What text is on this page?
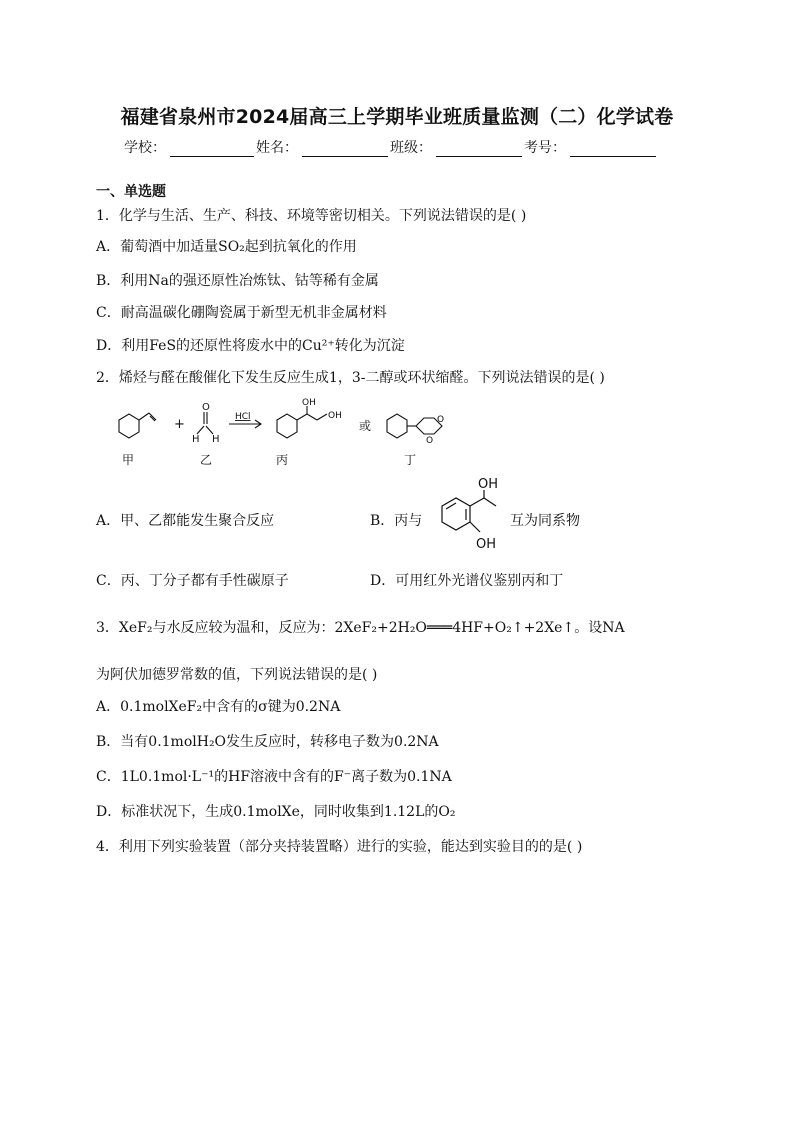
福建省泉州市2024届高三上学期毕业班质量监测（二）化学试卷
学校：	姓名：	班级：	考号：
一、单选题
1．化学与生活、生产、科技、环境等密切相关。下列说法错误的是( )
A．葡萄酒中加适量SO₂起到抗氧化的作用
B．利用Na的强还原性冶炼钛、钴等稀有金属
C．耐高温碳化硼陶瓷属于新型无机非金属材料
D．利用FeS的还原性将废水中的Cu²⁺转化为沉淀
2．烯烃与醛在酸催化下发生反应生成1，3-二醇或环状缩醛。下列说法错误的是( )
+
O
H H
HCl
OH
OH
或	O
O
甲	乙	丙	丁
A．甲、乙都能发生聚合反应	B．丙与
OH
OH
互为同系物
C．丙、丁分子都有手性碳原子	D．可用红外光谱仪鉴别丙和丁
3．XeF₂与水反应较为温和，反应为：2XeF₂+2H₂O═══4HF+O₂↑+2Xe↑。设NA
为阿伏加德罗常数的值，下列说法错误的是( )
A．0.1molXeF₂中含有的σ键为0.2NA
B．当有0.1molH₂O发生反应时，转移电子数为0.2NA
C．1L0.1mol·L⁻¹的HF溶液中含有的F⁻离子数为0.1NA
D．标准状况下，生成0.1molXe，同时收集到1.12L的O₂
4．利用下列实验装置（部分夹持装置略）进行的实验，能达到实验目的的是( )
